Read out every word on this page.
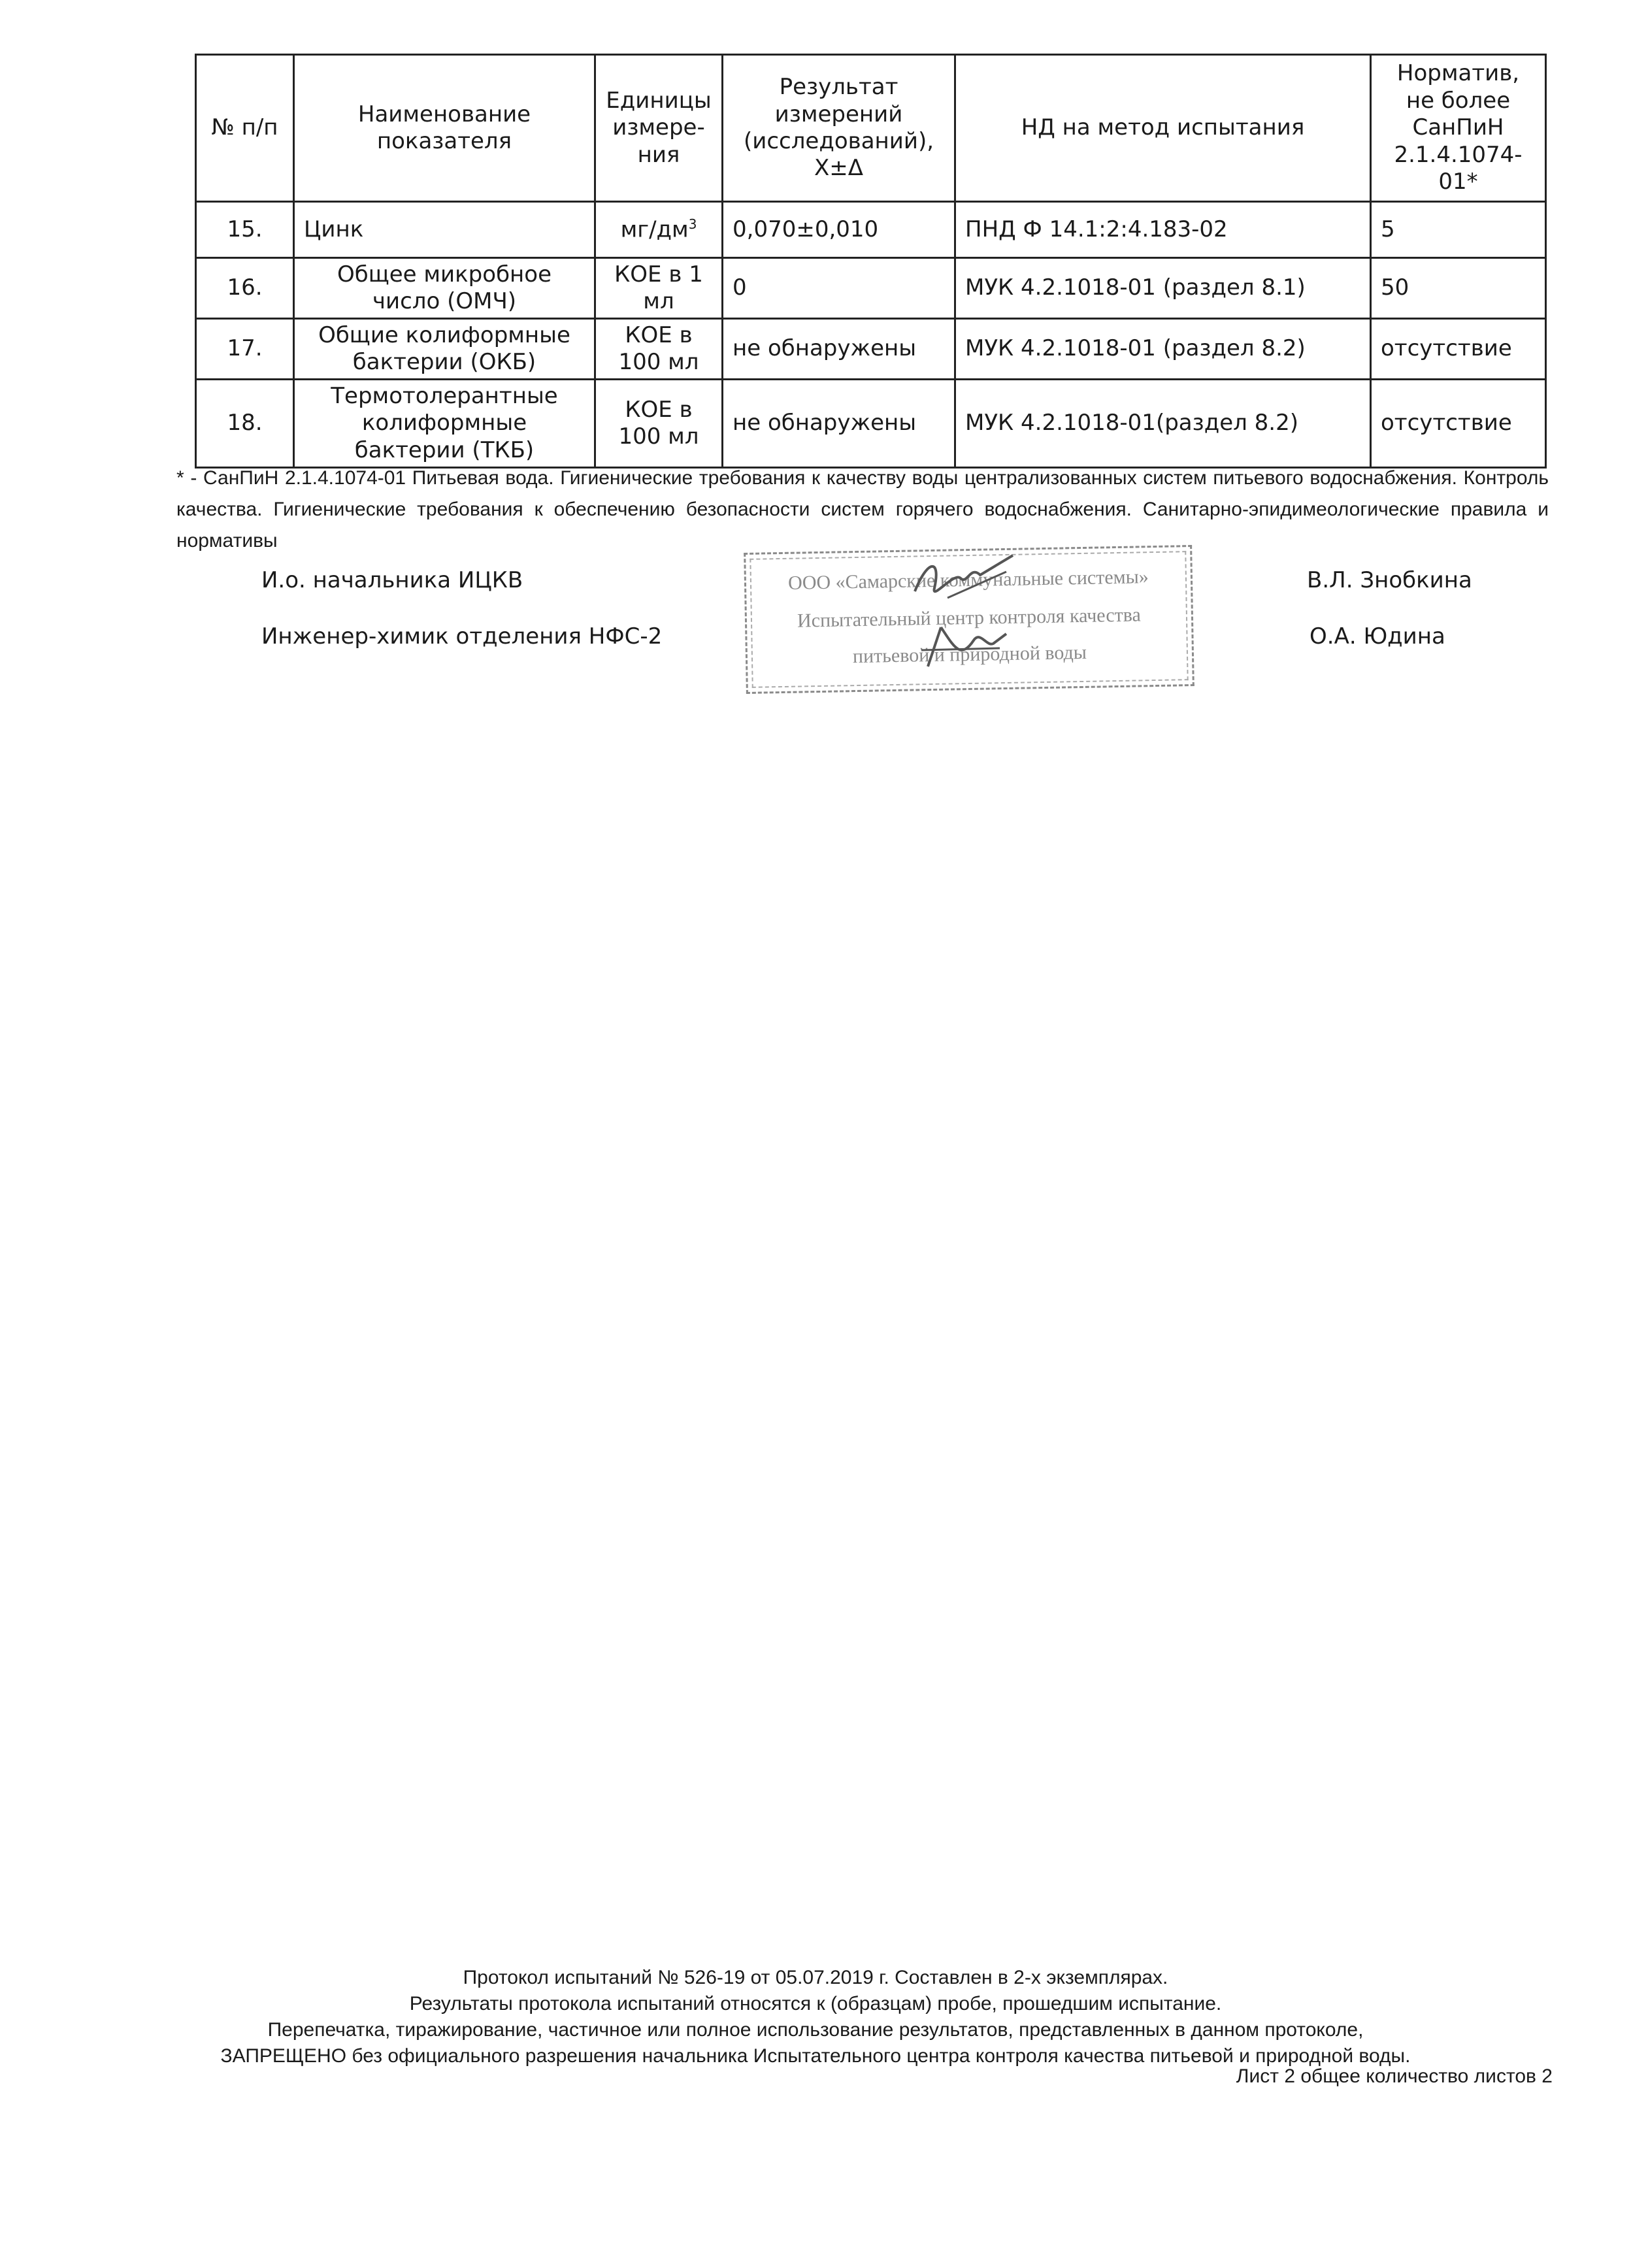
№ п/п	Наименование показателя	Единицы измере-ния	Результат измерений (исследований), Х±Δ	НД на метод испытания	Норматив, не более СанПиН 2.1.4.1074-01*
15.	Цинк	$мг/дм^3$	0,070±0,010	ПНД Ф 14.1:2:4.183-02	5
16.	Общее микробное число (ОМЧ)	КОЕ в 1 мл	0	МУК 4.2.1018-01 (раздел 8.1)	50
17.	Общие колиформные бактерии (ОКБ)	КОЕ в 100 мл	не обнаружены	МУК 4.2.1018-01 (раздел 8.2)	отсутствие
18.	Термотолерантные колиформные бактерии (ТКБ)	КОЕ в 100 мл	не обнаружены	МУК 4.2.1018-01(раздел 8.2)	отсутствие
* - СанПиН 2.1.4.1074-01 Питьевая вода. Гигиенические требования к качеству воды централизованных систем питьевого водоснабжения. Контроль качества. Гигиенические требования к обеспечению безопасности систем горячего водоснабжения. Санитарно-эпидимеологические правила и нормативы
И.о. начальника ИЦКВ	В.Л. Знобкина
Инженер-химик отделения НФС-2	О.А. Юдина
ООО «Самарские коммунальные системы»
Испытательный центр контроля качества
питьевой и природной воды
Протокол испытаний № 526-19 от 05.07.2019 г. Составлен в 2-х экземплярах.
Результаты протокола испытаний относятся к (образцам) пробе, прошедшим испытание.
Перепечатка, тиражирование, частичное или полное использование результатов, представленных в данном протоколе,
ЗАПРЕЩЕНО без официального разрешения начальника Испытательного центра контроля качества питьевой и природной воды.
Лист 2 общее количество листов 2
